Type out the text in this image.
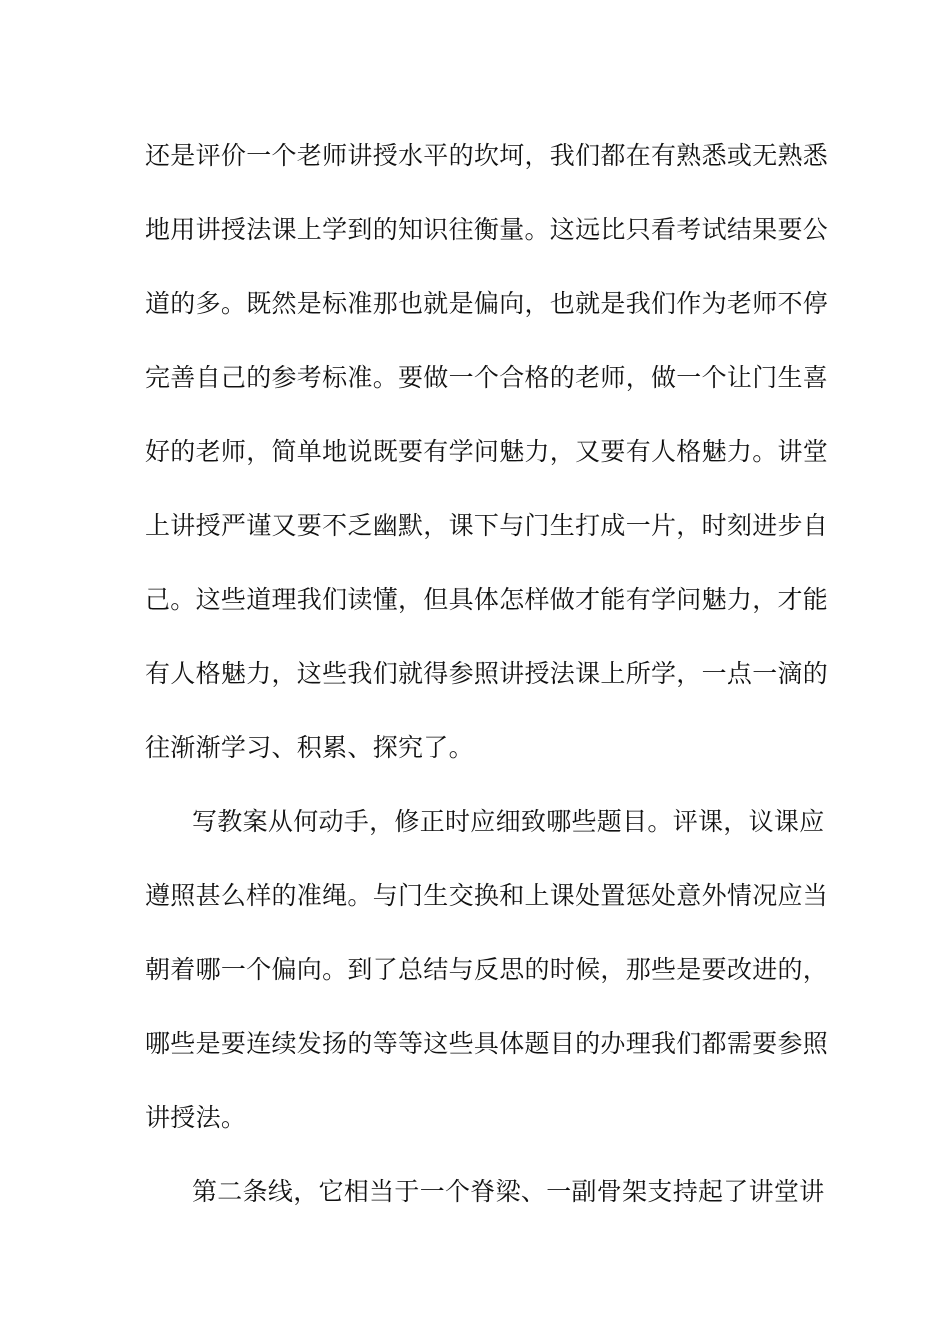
还是评价一个老师讲授水平的坎坷，我们都在有熟悉或无熟悉
地用讲授法课上学到的知识往衡量。这远比只看考试结果要公
道的多。既然是标准那也就是偏向，也就是我们作为老师不停
完善自己的参考标准。要做一个合格的老师，做一个让门生喜
好的老师，简单地说既要有学问魅力，又要有人格魅力。讲堂
上讲授严谨又要不乏幽默，课下与门生打成一片，时刻进步自
己。这些道理我们读懂，但具体怎样做才能有学问魅力，才能
有人格魅力，这些我们就得参照讲授法课上所学，一点一滴的
往渐渐学习、积累、探究了。
写教案从何动手，修正时应细致哪些题目。评课，议课应
遵照甚么样的准绳。与门生交换和上课处置惩处意外情况应当
朝着哪一个偏向。到了总结与反思的时候，那些是要改进的，
哪些是要连续发扬的等等这些具体题目的办理我们都需要参照
讲授法。
第二条线，它相当于一个脊梁、一副骨架支持起了讲堂讲
